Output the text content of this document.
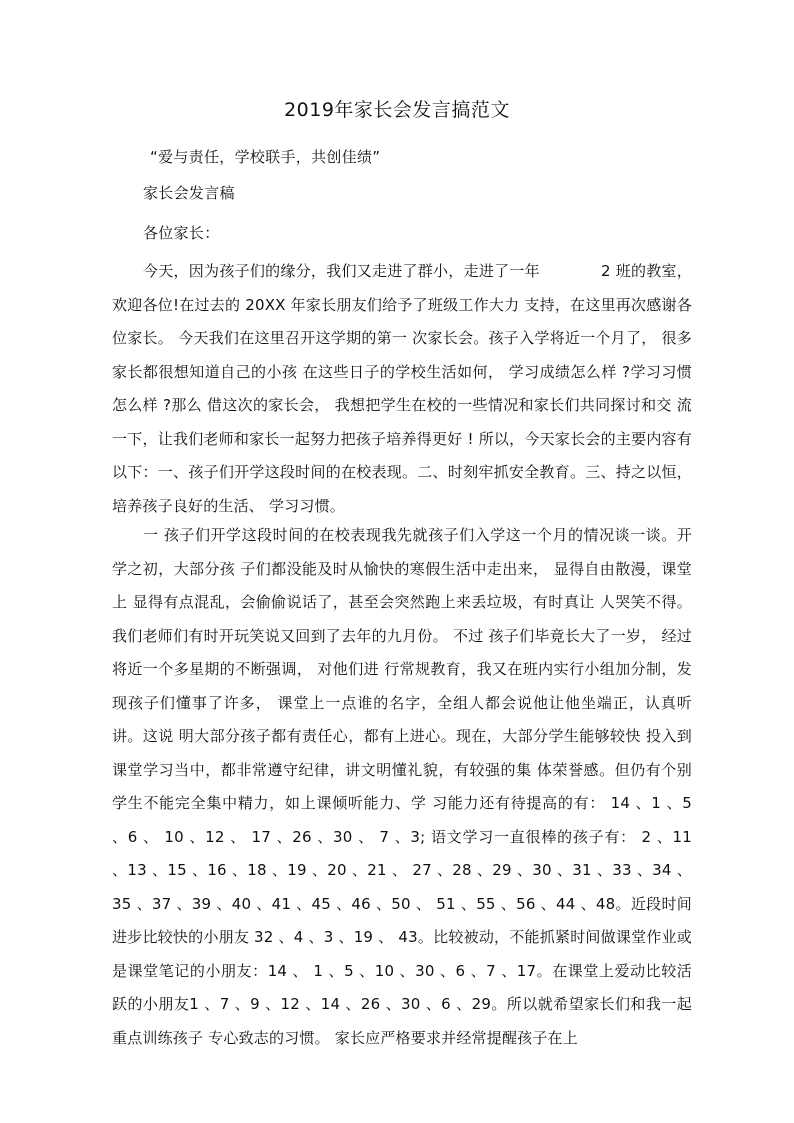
2019年家长会发言搞范文
“爱与责任，学校联手，共创佳绩”
家长会发言稿
各位家长：

今天，因为孩子们的缘分，我们又走进了群小，走进了一年　　　　2 班的教室，欢迎各位!在过去的 20XX 年家长朋友们给予了班级工作大力 支持，在这里再次感谢各位家长。 今天我们在这里召开这学期的第一 次家长会。孩子入学将近一个月了， 很多家长都很想知道自己的小孩 在这些日子的学校生活如何， 学习成绩怎么样 ?学习习惯怎么样 ?那么 借这次的家长会， 我想把学生在校的一些情况和家长们共同探讨和交 流一下，让我们老师和家长一起努力把孩子培养得更好 ! 所以，今天家长会的主要内容有以下：一、孩子们开学这段时间的在校表现。二、时刻牢抓安全教育。三、持之以恒，培养孩子良好的生活、 学习习惯。

一 孩子们开学这段时间的在校表现我先就孩子们入学这一个月的情况谈一谈。开学之初，大部分孩 子们都没能及时从愉快的寒假生活中走出来， 显得自由散漫，课堂上 显得有点混乱，会偷偷说话了，甚至会突然跑上来丢垃圾，有时真让 人哭笑不得。 我们老师们有时开玩笑说又回到了去年的九月份。 不过 孩子们毕竟长大了一岁， 经过将近一个多星期的不断强调， 对他们进 行常规教育，我又在班内实行小组加分制，发现孩子们懂事了许多， 课堂上一点谁的名字，全组人都会说他让他坐端正，认真听讲。这说 明大部分孩子都有责任心，都有上进心。现在，大部分学生能够较快 投入到课堂学习当中，都非常遵守纪律，讲文明懂礼貌，有较强的集 体荣誉感。但仍有个别学生不能完全集中精力，如上课倾听能力、学 习能力还有待提高的有： 14 、1 、5 、6 、 10 、12 、 17 、26 、30 、 7 、3; 语文学习一直很棒的孩子有： 2 、11 、13 、15 、16 、18 、19 、20 、21 、 27 、28 、29 、30 、31 、33 、34 、35 、37 、39 、40 、41 、45 、46 、50 、 51 、55 、56 、44 、48。近段时间进步比较快的小朋友 32 、4 、3 、19 、 43。比较被动，不能抓紧时间做课堂作业或是课堂笔记的小朋友：14 、 1 、5 、10 、30 、6 、7 、17。在课堂上爱动比较活跃的小朋友1 、7 、9 、12 、14 、26 、30 、6 、29。所以就希望家长们和我一起重点训练孩子 专心致志的习惯。 家长应严格要求并经常提醒孩子在上
